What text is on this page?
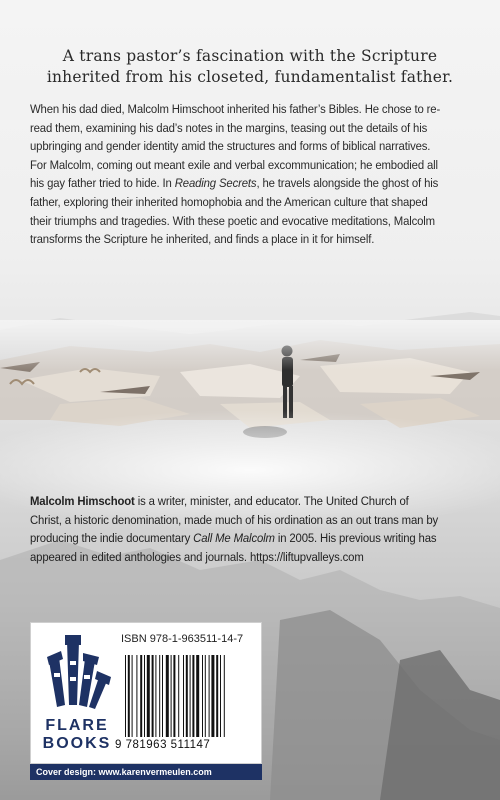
A trans pastor’s fascination with the Scripture inherited from his closeted, fundamentalist father.

When his dad died, Malcolm Himschoot inherited his father’s Bibles. He chose to re-read them, examining his dad’s notes in the margins, teasing out the details of his upbringing and gender identity amid the structures and forms of biblical narratives. For Malcolm, coming out meant exile and verbal excommunication; he embodied all his gay father tried to hide. In Reading Secrets, he travels alongside the ghost of his father, exploring their inherited homophobia and the American culture that shaped their triumphs and tragedies. With these poetic and evocative meditations, Malcolm transforms the Scripture he inherited, and finds a place in it for himself.

Malcolm Himschoot is a writer, minister, and educator. The United Church of Christ, a historic denomination, made much of his ordination as an out trans man by producing the indie documentary Call Me Malcolm in 2005. His previous writing has appeared in edited anthologies and journals. https://liftupvalleys.com

FLARE
BOOKS
ISBN 978-1-963511-14-7
9 781963 511147
Cover design: www.karenvermeulen.com
